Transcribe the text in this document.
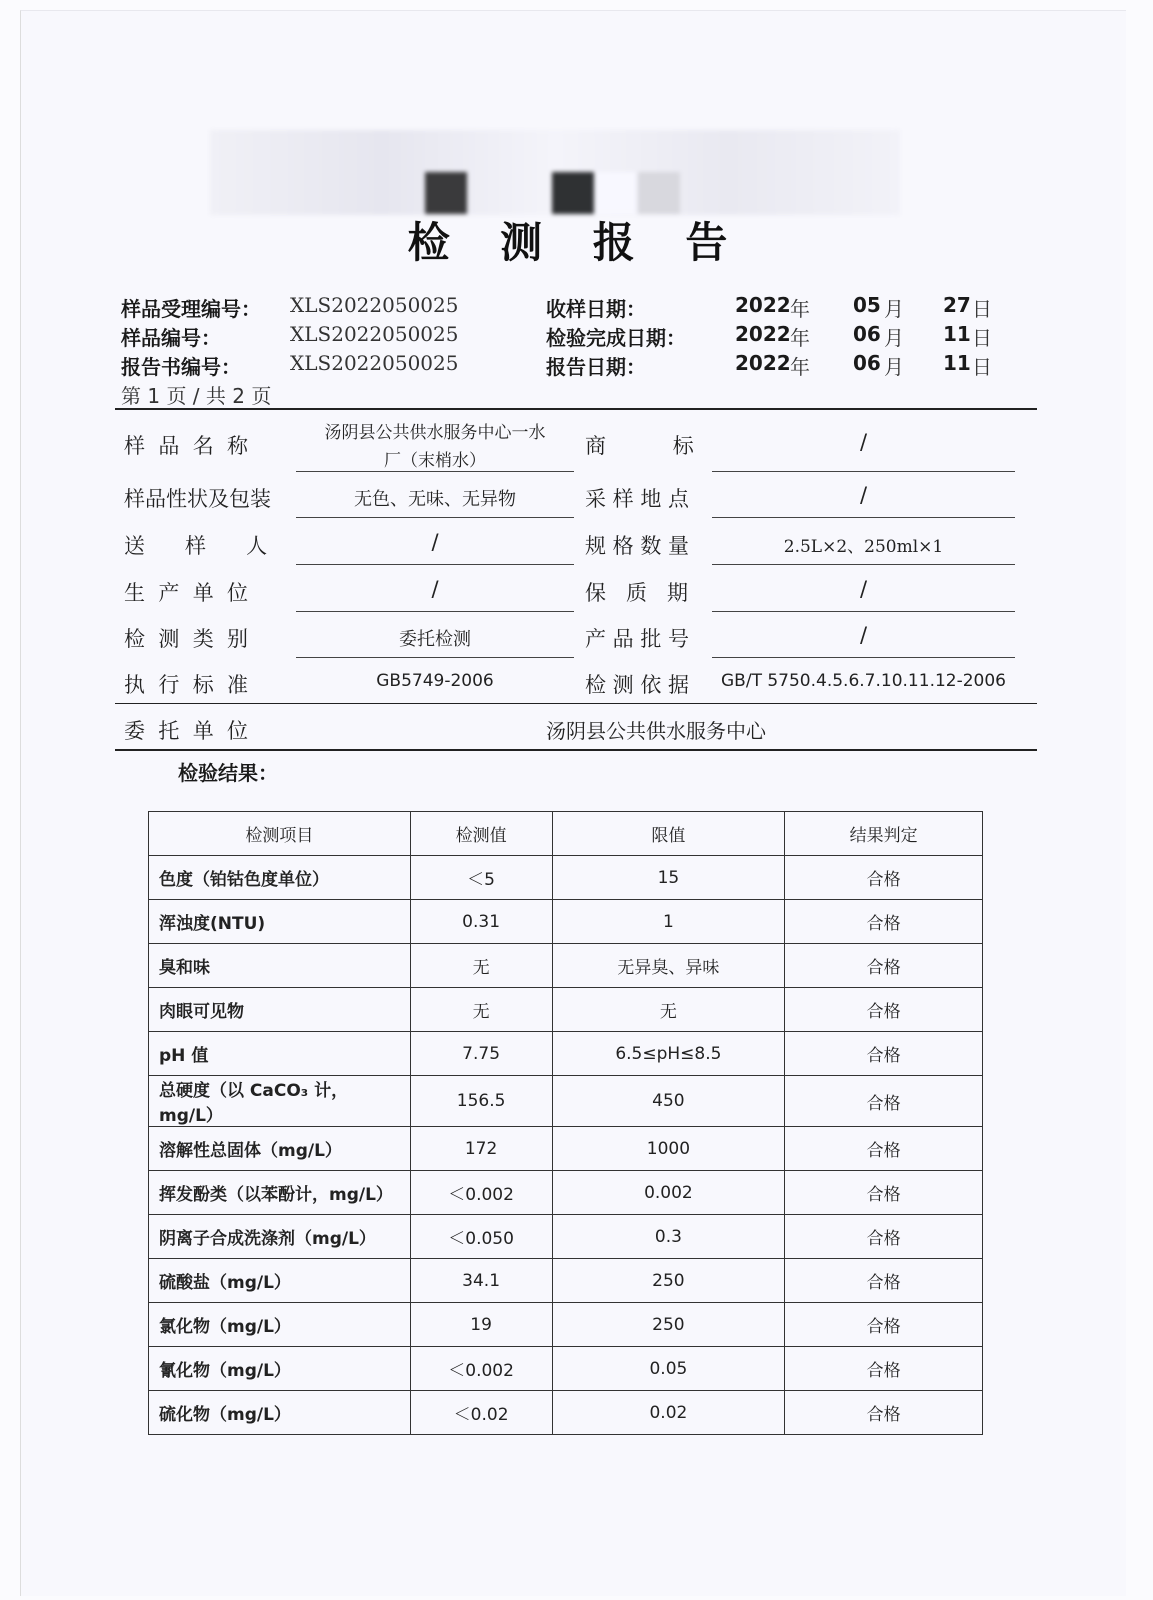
检 测 报 告
样品受理编号： XLS2022050025
样品编号：	XLS2022050025
报告书编号： XLS2022050025
第 1 页 / 共 2 页
收样日期：	2022 年 05 月 27 日
检验完成日期： 2022 年 06 月 11 日
报告日期：	2022 年 06 月 11 日
样  品  名  称
汤阴县公共供水服务中心一水
厂（末梢水）
商          标	/
样品性状及包装	无色、无味、无异物	采 样 地 点	/
送      样      人	/	规 格 数 量	2.5L×2、250ml×1
生  产  单  位	/	保   质   期	/
检  测  类  别	委托检测	产 品 批 号	/
执  行  标  准	GB5749-2006	检 测 依 据	GB/T 5750.4.5.6.7.10.11.12-2006
委  托  单  位	汤阴县公共供水服务中心
检验结果：
检测项目	检测值	限值	结果判定
色度（铂钴色度单位）	＜5	15	合格
浑浊度(NTU)	0.31	1	合格
臭和味	无	无异臭、异味	合格
肉眼可见物	无	无	合格
pH 值	7.75	6.5≤pH≤8.5	合格
总硬度（以 CaCO₃ 计，mg/L）	156.5	450	合格
溶解性总固体（mg/L）	172	1000	合格
挥发酚类（以苯酚计，mg/L）	＜0.002	0.002	合格
阴离子合成洗涤剂（mg/L）	＜0.050	0.3	合格
硫酸盐（mg/L）	34.1	250	合格
氯化物（mg/L）	19	250	合格
氰化物（mg/L）	＜0.002	0.05	合格
硫化物（mg/L）	＜0.02	0.02	合格
